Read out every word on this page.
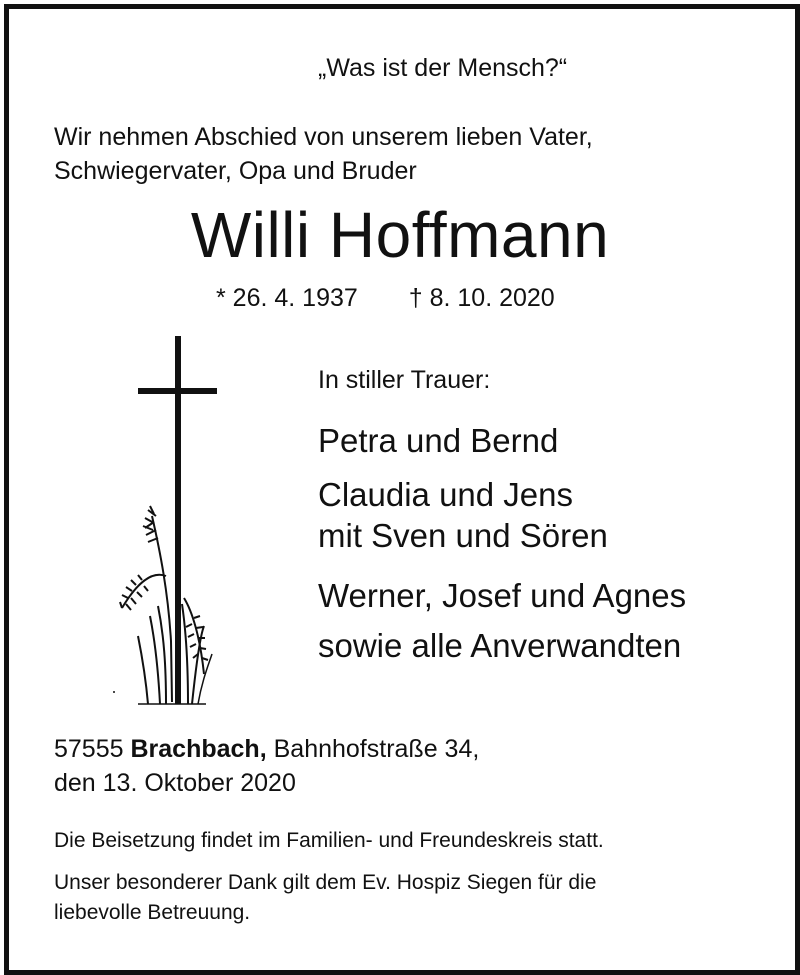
„Was ist der Mensch?“
Wir nehmen Abschied von unserem lieben Vater,
Schwiegervater, Opa und Bruder
Willi Hoffmann
* 26. 4. 1937 † 8. 10. 2020
In stiller Trauer:
Petra und Bernd
Claudia und Jens
mit Sven und Sören
Werner, Josef und Agnes
sowie alle Anverwandten
57555 Brachbach, Bahnhofstraße 34,
den 13. Oktober 2020
Die Beisetzung findet im Familien- und Freundeskreis statt.
Unser besonderer Dank gilt dem Ev. Hospiz Siegen für die
liebevolle Betreuung.
